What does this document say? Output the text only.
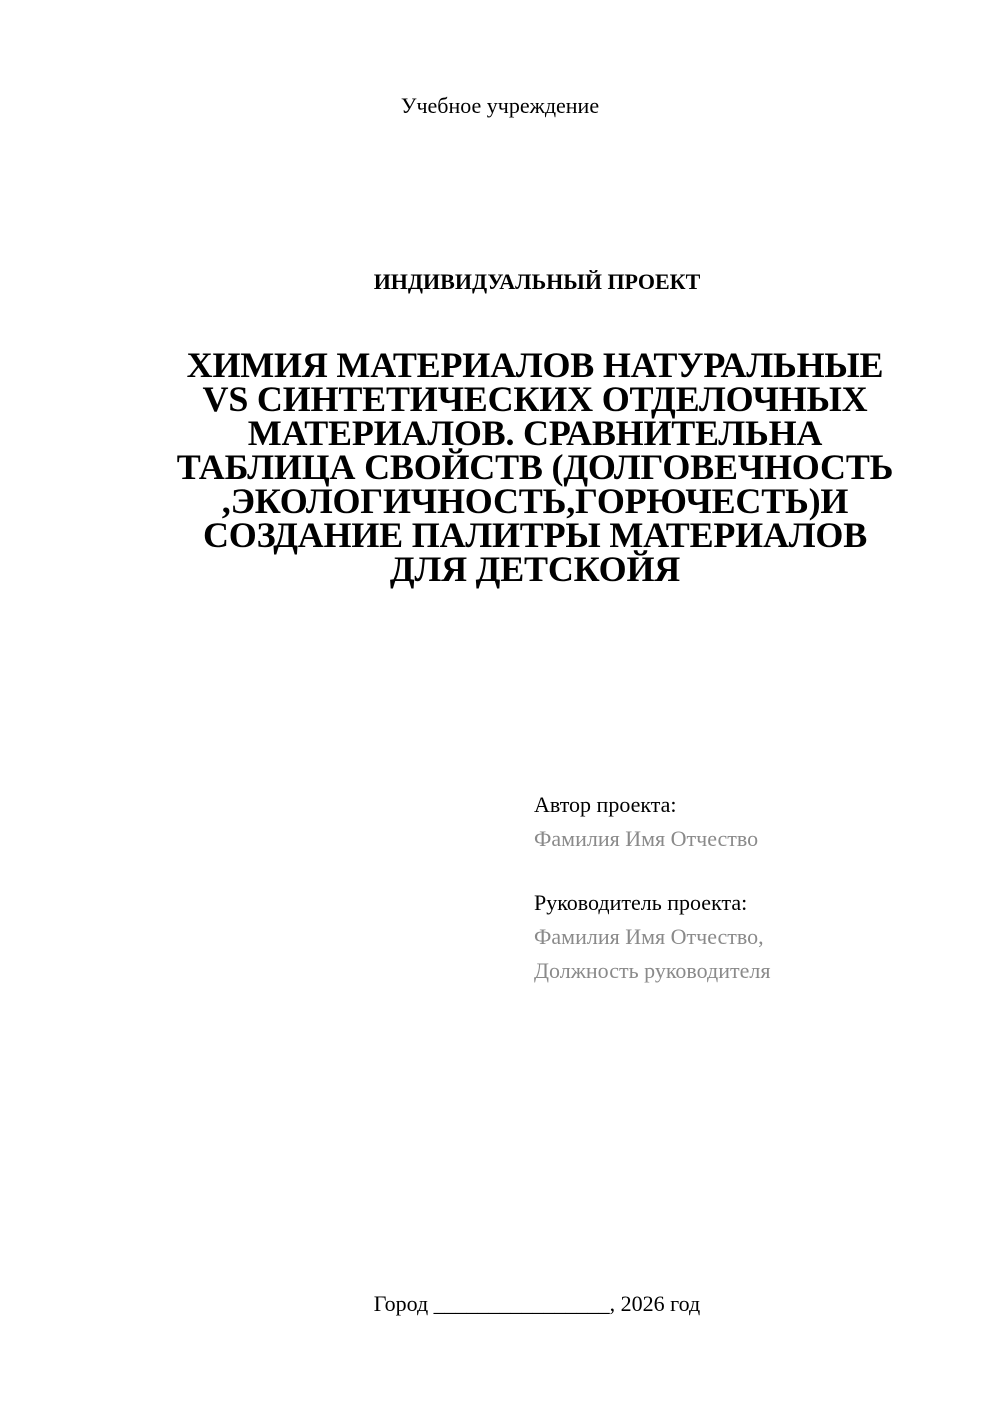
Учебное учреждение
ИНДИВИДУАЛЬНЫЙ ПРОЕКТ
ХИМИЯ МАТЕРИАЛОВ НАТУРАЛЬНЫЕ
VS СИНТЕТИЧЕСКИХ ОТДЕЛОЧНЫХ
МАТЕРИАЛОВ. СРАВНИТЕЛЬНА
ТАБЛИЦА СВОЙСТВ (ДОЛГОВЕЧНОСТЬ
,ЭКОЛОГИЧНОСТЬ,ГОРЮЧЕСТЬ)И
СОЗДАНИЕ ПАЛИТРЫ МАТЕРИАЛОВ
ДЛЯ ДЕТСКОЙЯ
Автор проекта:
Фамилия Имя Отчество
Руководитель проекта:
Фамилия Имя Отчество,
Должность руководителя
Город ________________, 2026 год
